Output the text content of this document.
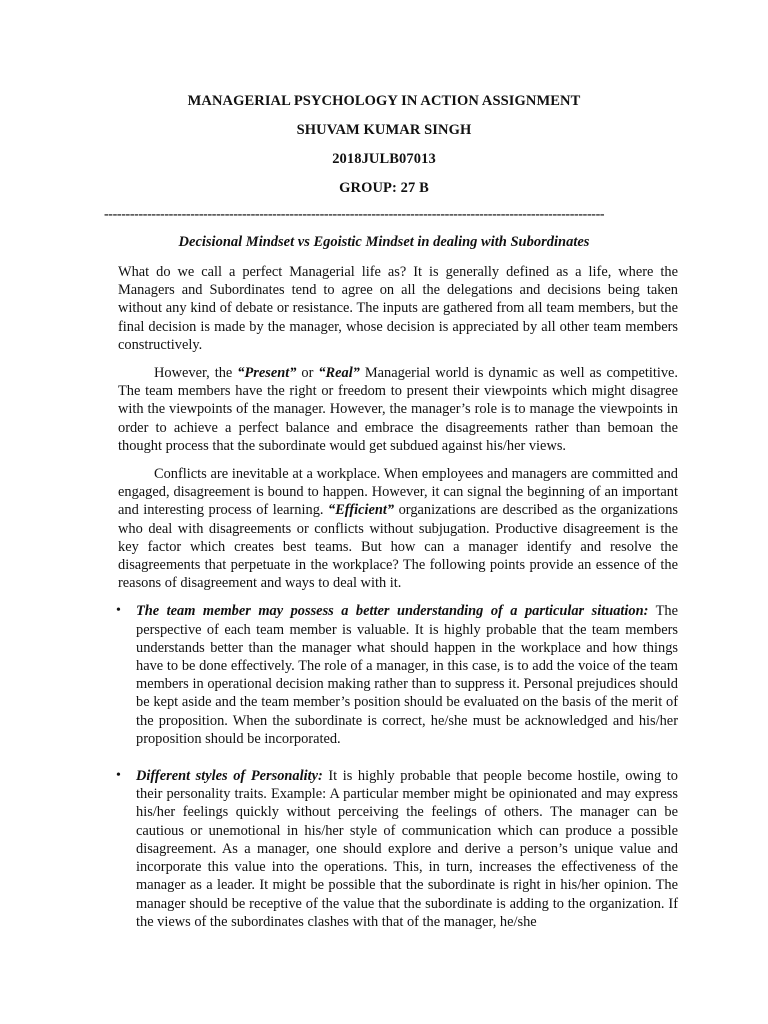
MANAGERIAL PSYCHOLOGY IN ACTION ASSIGNMENT
SHUVAM KUMAR SINGH
2018JULB07013
GROUP: 27 B
--------------------------------------------------------------------------------------------------------------------
Decisional Mindset vs Egoistic Mindset in dealing with Subordinates

What do we call a perfect Managerial life as? It is generally defined as a life, where the Managers and Subordinates tend to agree on all the delegations and decisions being taken without any kind of debate or resistance. The inputs are gathered from all team members, but the final decision is made by the manager, whose decision is appreciated by all other team members constructively.

However, the “Present” or “Real” Managerial world is dynamic as well as competitive. The team members have the right or freedom to present their viewpoints which might disagree with the viewpoints of the manager. However, the manager’s role is to manage the viewpoints in order to achieve a perfect balance and embrace the disagreements rather than bemoan the thought process that the subordinate would get subdued against his/her views.

Conflicts are inevitable at a workplace. When employees and managers are committed and engaged, disagreement is bound to happen. However, it can signal the beginning of an important and interesting process of learning. “Efficient” organizations are described as the organizations who deal with disagreements or conflicts without subjugation. Productive disagreement is the key factor which creates best teams. But how can a manager identify and resolve the disagreements that perpetuate in the workplace? The following points provide an essence of the reasons of disagreement and ways to deal with it.

• The team member may possess a better understanding of a particular situation: The perspective of each team member is valuable. It is highly probable that the team members understands better than the manager what should happen in the workplace and how things have to be done effectively. The role of a manager, in this case, is to add the voice of the team members in operational decision making rather than to suppress it. Personal prejudices should be kept aside and the team member’s position should be evaluated on the basis of the merit of the proposition. When the subordinate is correct, he/she must be acknowledged and his/her proposition should be incorporated.
• Different styles of Personality: It is highly probable that people become hostile, owing to their personality traits. Example: A particular member might be opinionated and may express his/her feelings quickly without perceiving the feelings of others. The manager can be cautious or unemotional in his/her style of communication which can produce a possible disagreement. As a manager, one should explore and derive a person’s unique value and incorporate this value into the operations. This, in turn, increases the effectiveness of the manager as a leader. It might be possible that the subordinate is right in his/her opinion. The manager should be receptive of the value that the subordinate is adding to the organization. If the views of the subordinates clashes with that of the manager, he/she
